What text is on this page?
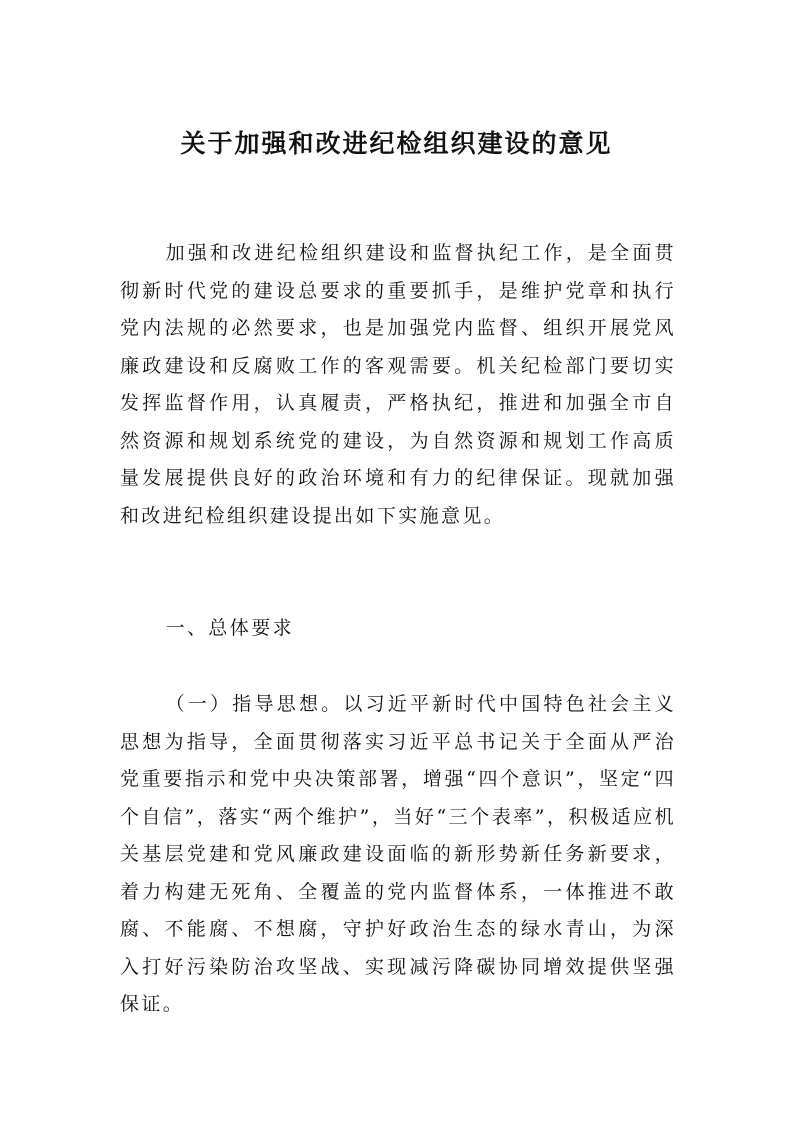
关于加强和改进纪检组织建设的意见

加强和改进纪检组织建设和监督执纪工作，是全面贯彻新时代党的建设总要求的重要抓手，是维护党章和执行党内法规的必然要求，也是加强党内监督、组织开展党风廉政建设和反腐败工作的客观需要。机关纪检部门要切实发挥监督作用，认真履责，严格执纪，推进和加强全市自然资源和规划系统党的建设，为自然资源和规划工作高质量发展提供良好的政治环境和有力的纪律保证。现就加强和改进纪检组织建设提出如下实施意见。

一、总体要求

（一）指导思想。以习近平新时代中国特色社会主义思想为指导，全面贯彻落实习近平总书记关于全面从严治党重要指示和党中央决策部署，增强“四个意识”，坚定“四个自信”，落实“两个维护”，当好“三个表率”，积极适应机关基层党建和党风廉政建设面临的新形势新任务新要求，着力构建无死角、全覆盖的党内监督体系，一体推进不敢腐、不能腐、不想腐，守护好政治生态的绿水青山，为深入打好污染防治攻坚战、实现减污降碳协同增效提供坚强保证。
